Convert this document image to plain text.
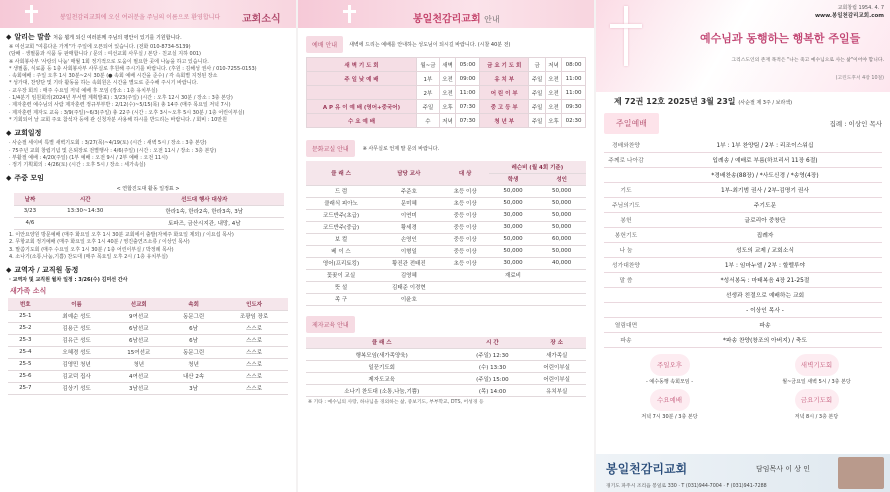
봉일천감리교회에 오신 여러분을 주님의 이름으로 환영합니다 교회소식
◆ 알리는 말씀 처음 뵙게 되신 여러분께 주님의 평안이 있기를 기원합니다.
※ 여선교회 "여름다운 가게"가 주일에 오픈되어 있습니다. (전화 010-8734-5139)
(담배 · 생필품과 식품 등 판매합니다 / 문의 : 여선교회 사무실 / 본당 · 친교실 지하 001)
※ 사회봉사부 '사랑의 나눔' 매월 1회 정기적으로 도움이 필요한 곳에 나눔을 하고 있습니다.
* 생필품, 식료품 등 1층 사회봉사부 사무실로 후원해 주시기를 바랍니다. (후원 : 김해성 권사 / 010-7255-0153)
· 속회예배 : 주일 오후 1시 30분~2시 30분 (● 속회 예배 시간을 준수) / 각 속회별 지정된 장소
* 성가대, 찬양단 및 기타 활동을 하는 속회원은 시간을 별도로 준수해 주시기 바랍니다.
· 교우장 회의 : 매주 수요일 저녁 예배 후 모임 (장소 : 1층 유치부실)
· 1/4분기 임원회의(2024년 부서별 계획발표) : 3/23(주일) (시간 : 오후 12시 30분 / 장소 : 3층 본당)
· 제자훈련 예수님의 사람 제자훈련 정규부부반 : 2/12(수)~5/15(목) 총 14주 (매주 목요일 저녁 7시)
· 제자훈련 제자도 교육 : 3/9(주일)~6/3(주일) 총 22주 (시간 : 오후 3시~오후 5시 30분 / 1층 어린이부실)
* 기회되어 날 교회 주요 참석자 등에 관 신청자분 사용해 하시를 반드리는 바랍니다. / 회비 : 10만원
◆ 교회일정
· 사순절 세이비 특별 새벽기도회 : 3/27(목)~4/19(토) (시간 : 새벽 5시 / 장소 : 3층 본당)
· 75주년 교회 창립기념 및 은퇴장로 전별행사 : 4/6(주일) (시간 : 오전 11시 / 장소 : 3층 본당)
· 부활절 예배 : 4/20(주일) (1부 예배 : 오전 9시 / 2부 예배 : 오전 11시)
· 정기 기획회의 : 4/26(토) (시간 : 오후 5시 / 장소 : 세가속실)
◆ 주중 모임
< 연합진도대 활동 일정표 >
날짜	시간	선드대 행사 대상자
3/23	13:30~14:30	한라1속, 한라2속, 한라3속, 3남
4/6		토파즈, 금산시지관, 내망, 4남
1. 이안요양원 방문예배 (매주 화요일 오후 1시 30분 교회에서 출발(자체주 화요일 제외) / 이요섭 목사)
2. 무항교회 정기예배 (매주 화요일 오후 1시 40분 / 영진출연즈소류 / 이상인 목사)
3. 말씀기도회 (매주 수요일 오후 1시 30분 / 1층 어린이부실 / 박정례 목사)
4. 소나기(소통,나눔,기쁨) 찬도대 (매주 목요일 오후 2시 / 1층 유치부실)
◆ 교역자 / 교직원 동정
· 교역자 및 교직원 월차 일정 : 3/26(수) 김미선 간사
새가족 소식
번호	이름	선교회	속회	인도자
25-1	최예순 성도	9여선교	동문그린	조광임 장로
25-2	김용근 성도	6남선교	6남	스스로
25-3	김유근 성도	6남선교	6남	스스로
25-4	오혜경 성도	15여선교	동문그린	스스로
25-5	김영민 청년	청년	청년	스스로
25-6	김교덕 집사	4여선교	내산 2속	스스로
25-7	김상기 성도	3남선교	3남	스스로
봉일천감리교회 안내
예배 안내	새벽에 드리는 예배를 안내하는 성도님이 되시길 바랍니다. (시찰 40분 전)
새 벽 기 도 회	월~금	새벽	05:00	금 요 기 도 회	금	저녁	08:00
주 일 낮 예 배	1부	오전	09:00	유 치 부	주일	오전	11:00
	2부	오전	11:00	어 린 이 부	주일	오전	11:00
A P 유 이 예 배 (영어+중국어)	주일	오후	07:30	중 고 등 부	주일	오전	09:30
수 요 예 배	수	저녁	07:30	청 년 부	주일	오후	02:30
문화교실 안내	※ 사무실로 언제 말 문의 바랍니다.
클 래 스	담당 교사	대 상	레슨비 (월 4회 기준)	
			학생	성인
드 럼	주준호	초등 이상	50,000	50,000
클래식 피아노	문미혜	초등 이상	50,000	50,000
코드반주(초급)	이연미	중등 이상	30,000	50,000
코드반주(중급)	황세경	중등 이상	30,000	50,000
보 컬	손영인	중등 이상	50,000	60,000
베 이 스	이형일	중등 이상	50,000	50,000
영어(프리토킹)	황진관 전태진	초등 이상	30,000	40,000
꽃꽂이 교실	김영혜		재료비	
뜻 설	김태준 이경현			
족 구	이윤호			
제자교육 안내
클 래 스	시 간	장 소
행복모임(새가족양육)	(주일) 12:30	새가족실
일꾼기도회	(수) 13:30	어린이부실
제자도교육	(주일) 15:00	어린이부실
소나기 찬도대 (소통,나눔,기쁨)	(목) 14:00	유치부실
※ 기타 : 예수님의 사랑, 하나님을 경외하는 삶, 중보기도, 부부학교, DTS, 어성경 등
교회창립 1954. 4. 7
www.봉일천감리교회.com
예수님과 동행하는 행복한 주일들
그리스도인의 존재 목적은 "나는 죽고 예수님으로 사는 삶"이어야 합니다.
(고린도후서 4장 10절)
제 72권 12호 2025년 3월 23일 (사순절 제 3주 / 보라색)
주일예배	집례 : 이상인 목사
경배와찬양	1부 : 1부 찬양팀 / 2부 : 리조이스워십
주께로 나아감	입례송 / 예배로 부름(하브리서 11장 6절)
	*경배찬송(88장) / *사도신경 / *송영(4장)
기도	1부-최기범 권사 / 2부-김명기 권사
주님의기도	주기도문
봉헌	글로리아 중창단
봉헌기도	집례자
나 눔	성도의 교제 / 교회소식
성가대찬양	1부 : 임마누엘 / 2부 : 할렐루야
말 씀	*성서봉독 : 마태복음 4장 21-25절
	선생과 친절으로 예배하는 교회
	- 이상인 목사 -
열림대면	파송
파송	*파송 찬양(창조의 아버지) / 축도
주일오후
- 예수동행 속회모임 -
새벽기도회
월~금요일 새벽 5시 / 3층 본당
수요예배
저녁 7시 30분 / 3층 본당
금요기도회
저녁 8시 / 3층 본당
봉일천감리교회	담임목사 이 상 인
경기도 파주시 조리읍 봉일로 330 · T (031)944-7004 · F (031)941-7288
